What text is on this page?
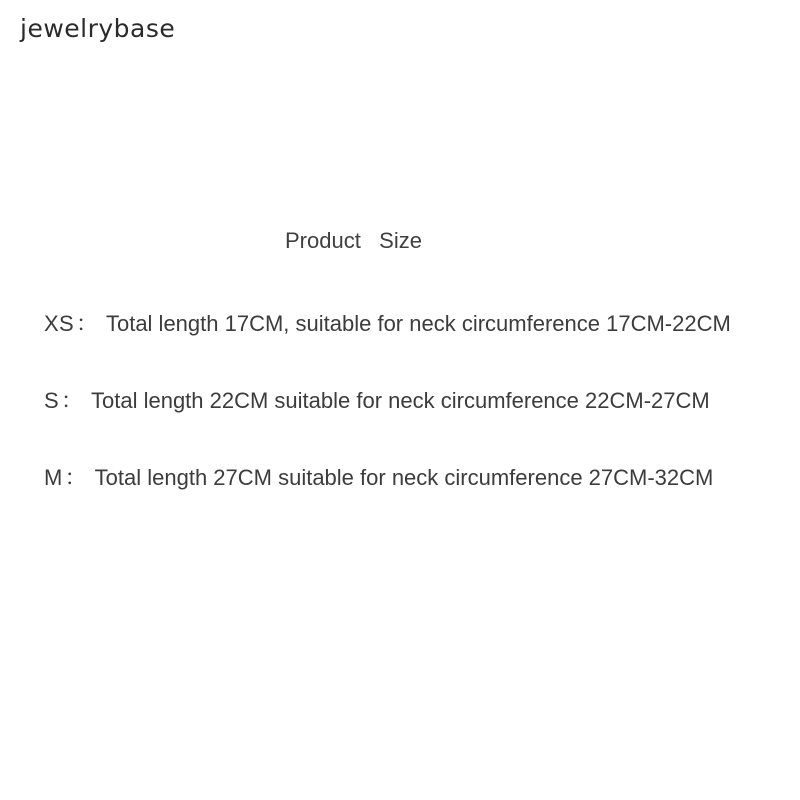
jewelrybase
Product   Size
XS： Total length 17CM, suitable for neck circumference 17CM-22CM
S： Total length 22CM suitable for neck circumference 22CM-27CM
M： Total length 27CM suitable for neck circumference 27CM-32CM
